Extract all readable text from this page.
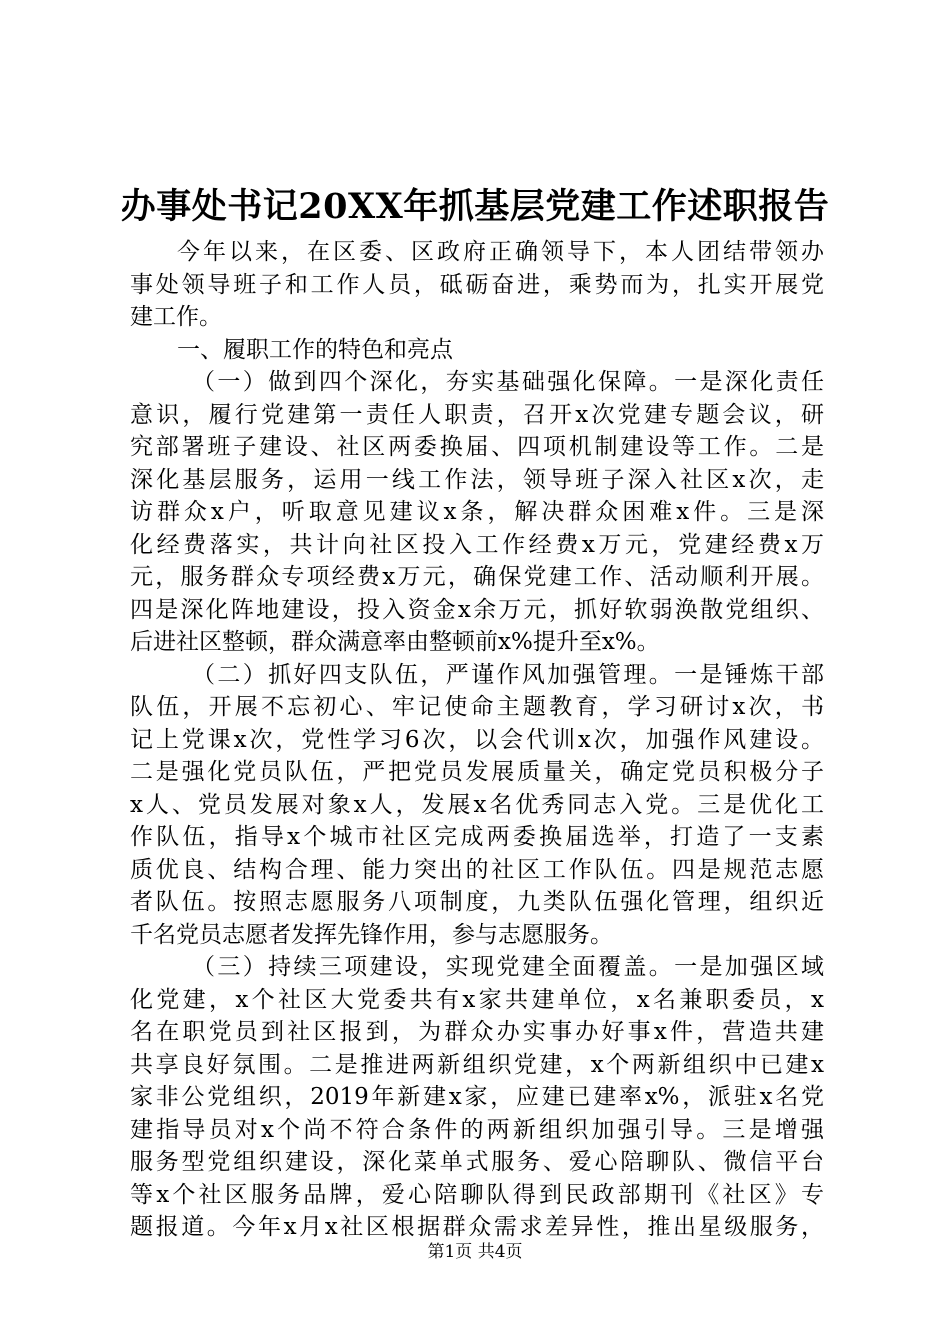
办事处书记20XX年抓基层党建工作述职报告
今年以来，在区委、区政府正确领导下，本人团结带领办
事处领导班子和工作人员，砥砺奋进，乘势而为，扎实开展党
建工作。
一、履职工作的特色和亮点
（一）做到四个深化，夯实基础强化保障。一是深化责任
意识，履行党建第一责任人职责，召开x次党建专题会议，研
究部署班子建设、社区两委换届、四项机制建设等工作。二是
深化基层服务，运用一线工作法，领导班子深入社区x次，走
访群众x户，听取意见建议x条，解决群众困难x件。三是深
化经费落实，共计向社区投入工作经费x万元，党建经费x万
元，服务群众专项经费x万元，确保党建工作、活动顺利开展。
四是深化阵地建设，投入资金x余万元，抓好软弱涣散党组织、
后进社区整顿，群众满意率由整顿前x%提升至x%。
（二）抓好四支队伍，严谨作风加强管理。一是锤炼干部
队伍，开展不忘初心、牢记使命主题教育，学习研讨x次，书
记上党课x次，党性学习6次，以会代训x次，加强作风建设。
二是强化党员队伍，严把党员发展质量关，确定党员积极分子
x人、党员发展对象x人，发展x名优秀同志入党。三是优化工
作队伍，指导x个城市社区完成两委换届选举，打造了一支素
质优良、结构合理、能力突出的社区工作队伍。四是规范志愿
者队伍。按照志愿服务八项制度，九类队伍强化管理，组织近
千名党员志愿者发挥先锋作用，参与志愿服务。
（三）持续三项建设，实现党建全面覆盖。一是加强区域
化党建，x个社区大党委共有x家共建单位，x名兼职委员，x
名在职党员到社区报到，为群众办实事办好事x件，营造共建
共享良好氛围。二是推进两新组织党建，x个两新组织中已建x
家非公党组织，2019年新建x家，应建已建率x%，派驻x名党
建指导员对x个尚不符合条件的两新组织加强引导。三是增强
服务型党组织建设，深化菜单式服务、爱心陪聊队、微信平台
等x个社区服务品牌，爱心陪聊队得到民政部期刊《社区》专
题报道。今年x月x社区根据群众需求差异性，推出星级服务，
第1页 共4页
